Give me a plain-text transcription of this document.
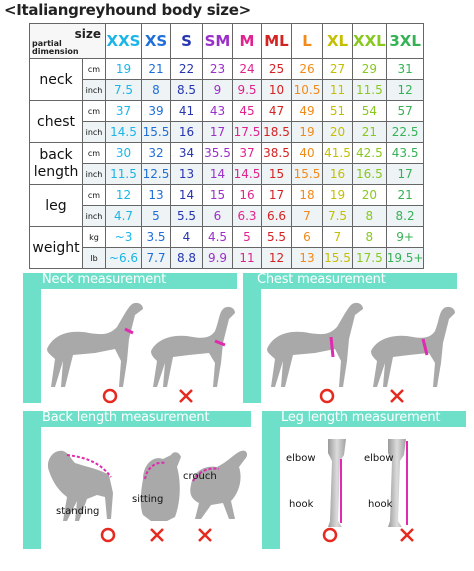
<Italiangreyhound body size>
size
partial
dimension		XXS	XS	S	SM	M	ML	L	XL	XXL	3XL
neck	cm	19	21	22	23	24	25	26	27	29	31
	inch	7.5	8	8.5	9	9.5	10	10.5	11	11.5	12
chest	cm	37	39	41	43	45	47	49	51	54	57
	inch	14.5	15.5	16	17	17.5	18.5	19	20	21	22.5
back length	cm	30	32	34	35.5	37	38.5	40	41.5	42.5	43.5
	inch	11.5	12.5	13	14	14.5	15	15.5	16	16.5	17
leg	cm	12	13	14	15	16	17	18	19	20	21
	inch	4.7	5	5.5	6	6.3	6.6	7	7.5	8	8.2
weight	kg	~3	3.5	4	4.5	5	5.5	6	7	8	9+
	lb	~6.6	7.7	8.8	9.9	11	12	13	15.5	17.5	19.5+
Neck measurement	Chest measurement
Back length measurement
standing
sitting
crouch
Leg length measurement
elbow
hook
elbow
hook
